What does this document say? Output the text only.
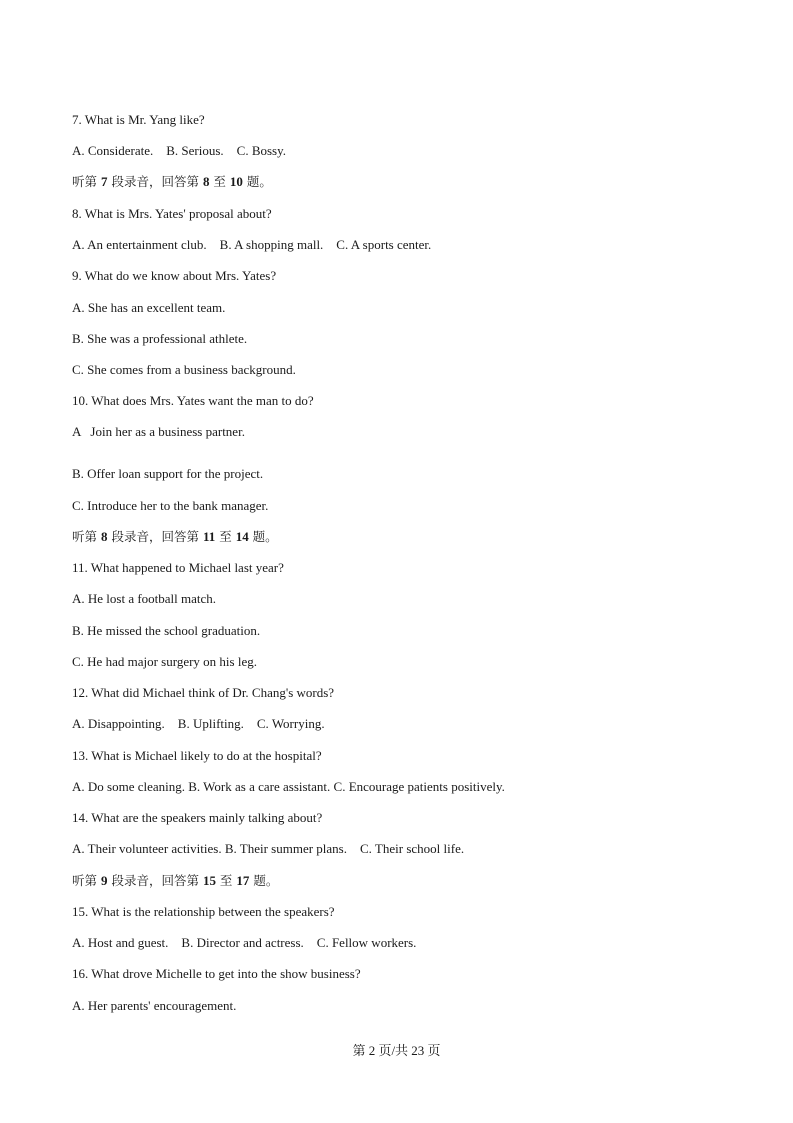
7. What is Mr. Yang like?
A. Considerate.    B. Serious.    C. Bossy.
听第 7 段录音，回答第 8 至 10 题。
8. What is Mrs. Yates' proposal about?
A. An entertainment club.    B. A shopping mall.    C. A sports center.
9. What do we know about Mrs. Yates?
A. She has an excellent team.
B. She was a professional athlete.
C. She comes from a business background.
10. What does Mrs. Yates want the man to do?
A   Join her as a business partner.
B. Offer loan support for the project.
C. Introduce her to the bank manager.
听第 8 段录音，回答第 11 至 14 题。
11. What happened to Michael last year?
A. He lost a football match.
B. He missed the school graduation.
C. He had major surgery on his leg.
12. What did Michael think of Dr. Chang's words?
A. Disappointing.    B. Uplifting.    C. Worrying.
13. What is Michael likely to do at the hospital?
A. Do some cleaning. B. Work as a care assistant. C. Encourage patients positively.
14. What are the speakers mainly talking about?
A. Their volunteer activities. B. Their summer plans.    C. Their school life.
听第 9 段录音，回答第 15 至 17 题。
15. What is the relationship between the speakers?
A. Host and guest.    B. Director and actress.    C. Fellow workers.
16. What drove Michelle to get into the show business?
A. Her parents' encouragement.
第 2 页/共 23 页
